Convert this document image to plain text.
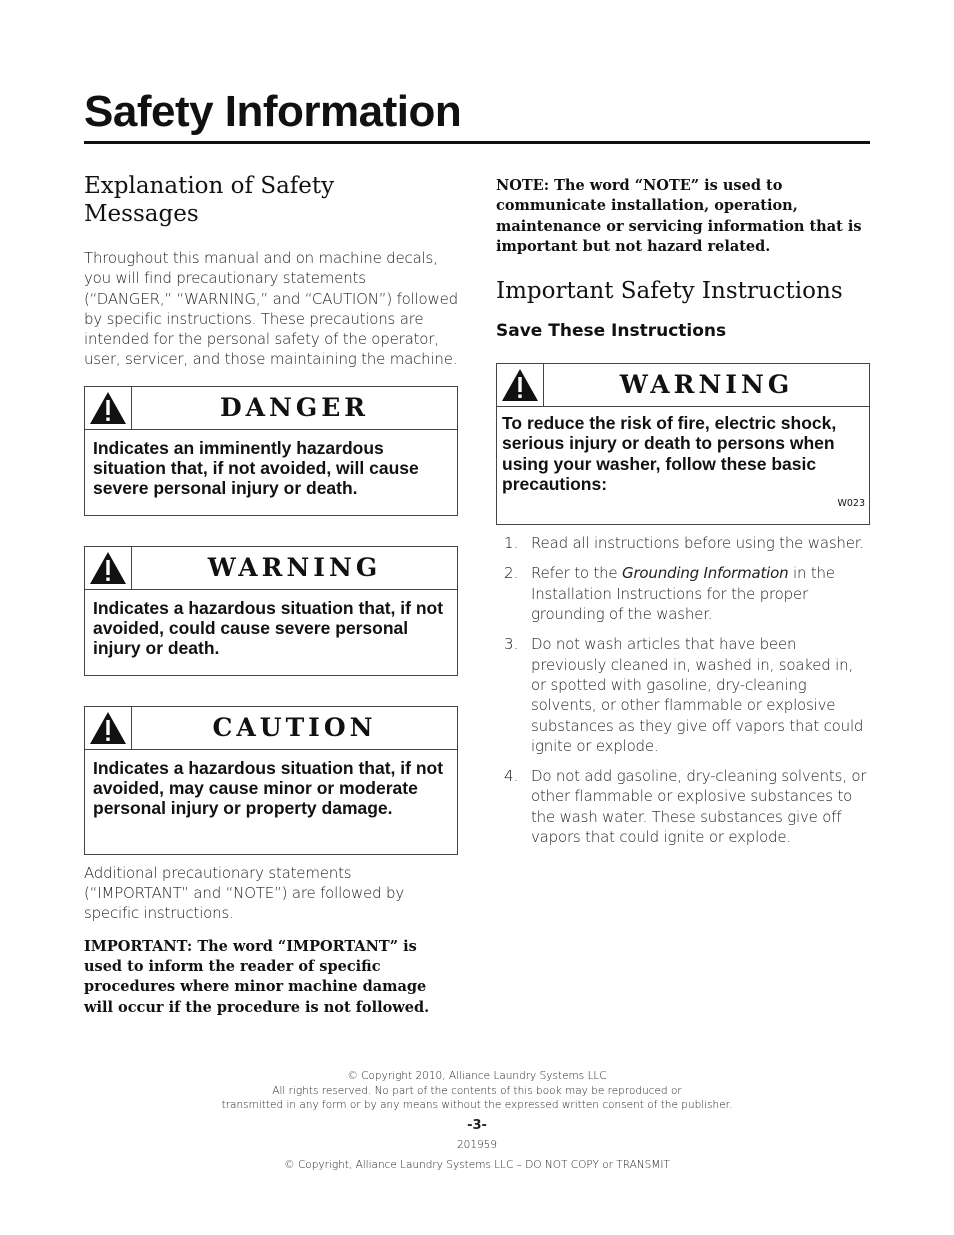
Safety Information
Explanation of Safety
Messages

Throughout this manual and on machine decals, you will find precautionary statements (“DANGER,” “WARNING,” and “CAUTION”) followed by specific instructions. These precautions are intended for the personal safety of the operator, user, servicer, and those maintaining the machine.

DANGER

Indicates an imminently hazardous situation that, if not avoided, will cause severe personal injury or death.

WARNING

Indicates a hazardous situation that, if not avoided, could cause severe personal injury or death.

CAUTION

Indicates a hazardous situation that, if not avoided, may cause minor or moderate personal injury or property damage.

Additional precautionary statements (“IMPORTANT” and “NOTE”) are followed by specific instructions.

IMPORTANT: The word “IMPORTANT” is used to inform the reader of specific procedures where minor machine damage will occur if the procedure is not followed.

NOTE: The word “NOTE” is used to communicate installation, operation, maintenance or servicing information that is important but not hazard related.

Important Safety Instructions

Save These Instructions

WARNING

To reduce the risk of fire, electric shock, serious injury or death to persons when using your washer, follow these basic precautions:

W023
1. Read all instructions before using the washer.
2. Refer to the Grounding Information in the Installation Instructions for the proper grounding of the washer.
3. Do not wash articles that have been previously cleaned in, washed in, soaked in, or spotted with gasoline, dry-cleaning solvents, or other flammable or explosive substances as they give off vapors that could ignite or explode.
4. Do not add gasoline, dry-cleaning solvents, or other flammable or explosive substances to the wash water. These substances give off vapors that could ignite or explode.
© Copyright 2010, Alliance Laundry Systems LLC
All rights reserved. No part of the contents of this book may be reproduced or
transmitted in any form or by any means without the expressed written consent of the publisher.
-3-
201959
© Copyright, Alliance Laundry Systems LLC – DO NOT COPY or TRANSMIT
